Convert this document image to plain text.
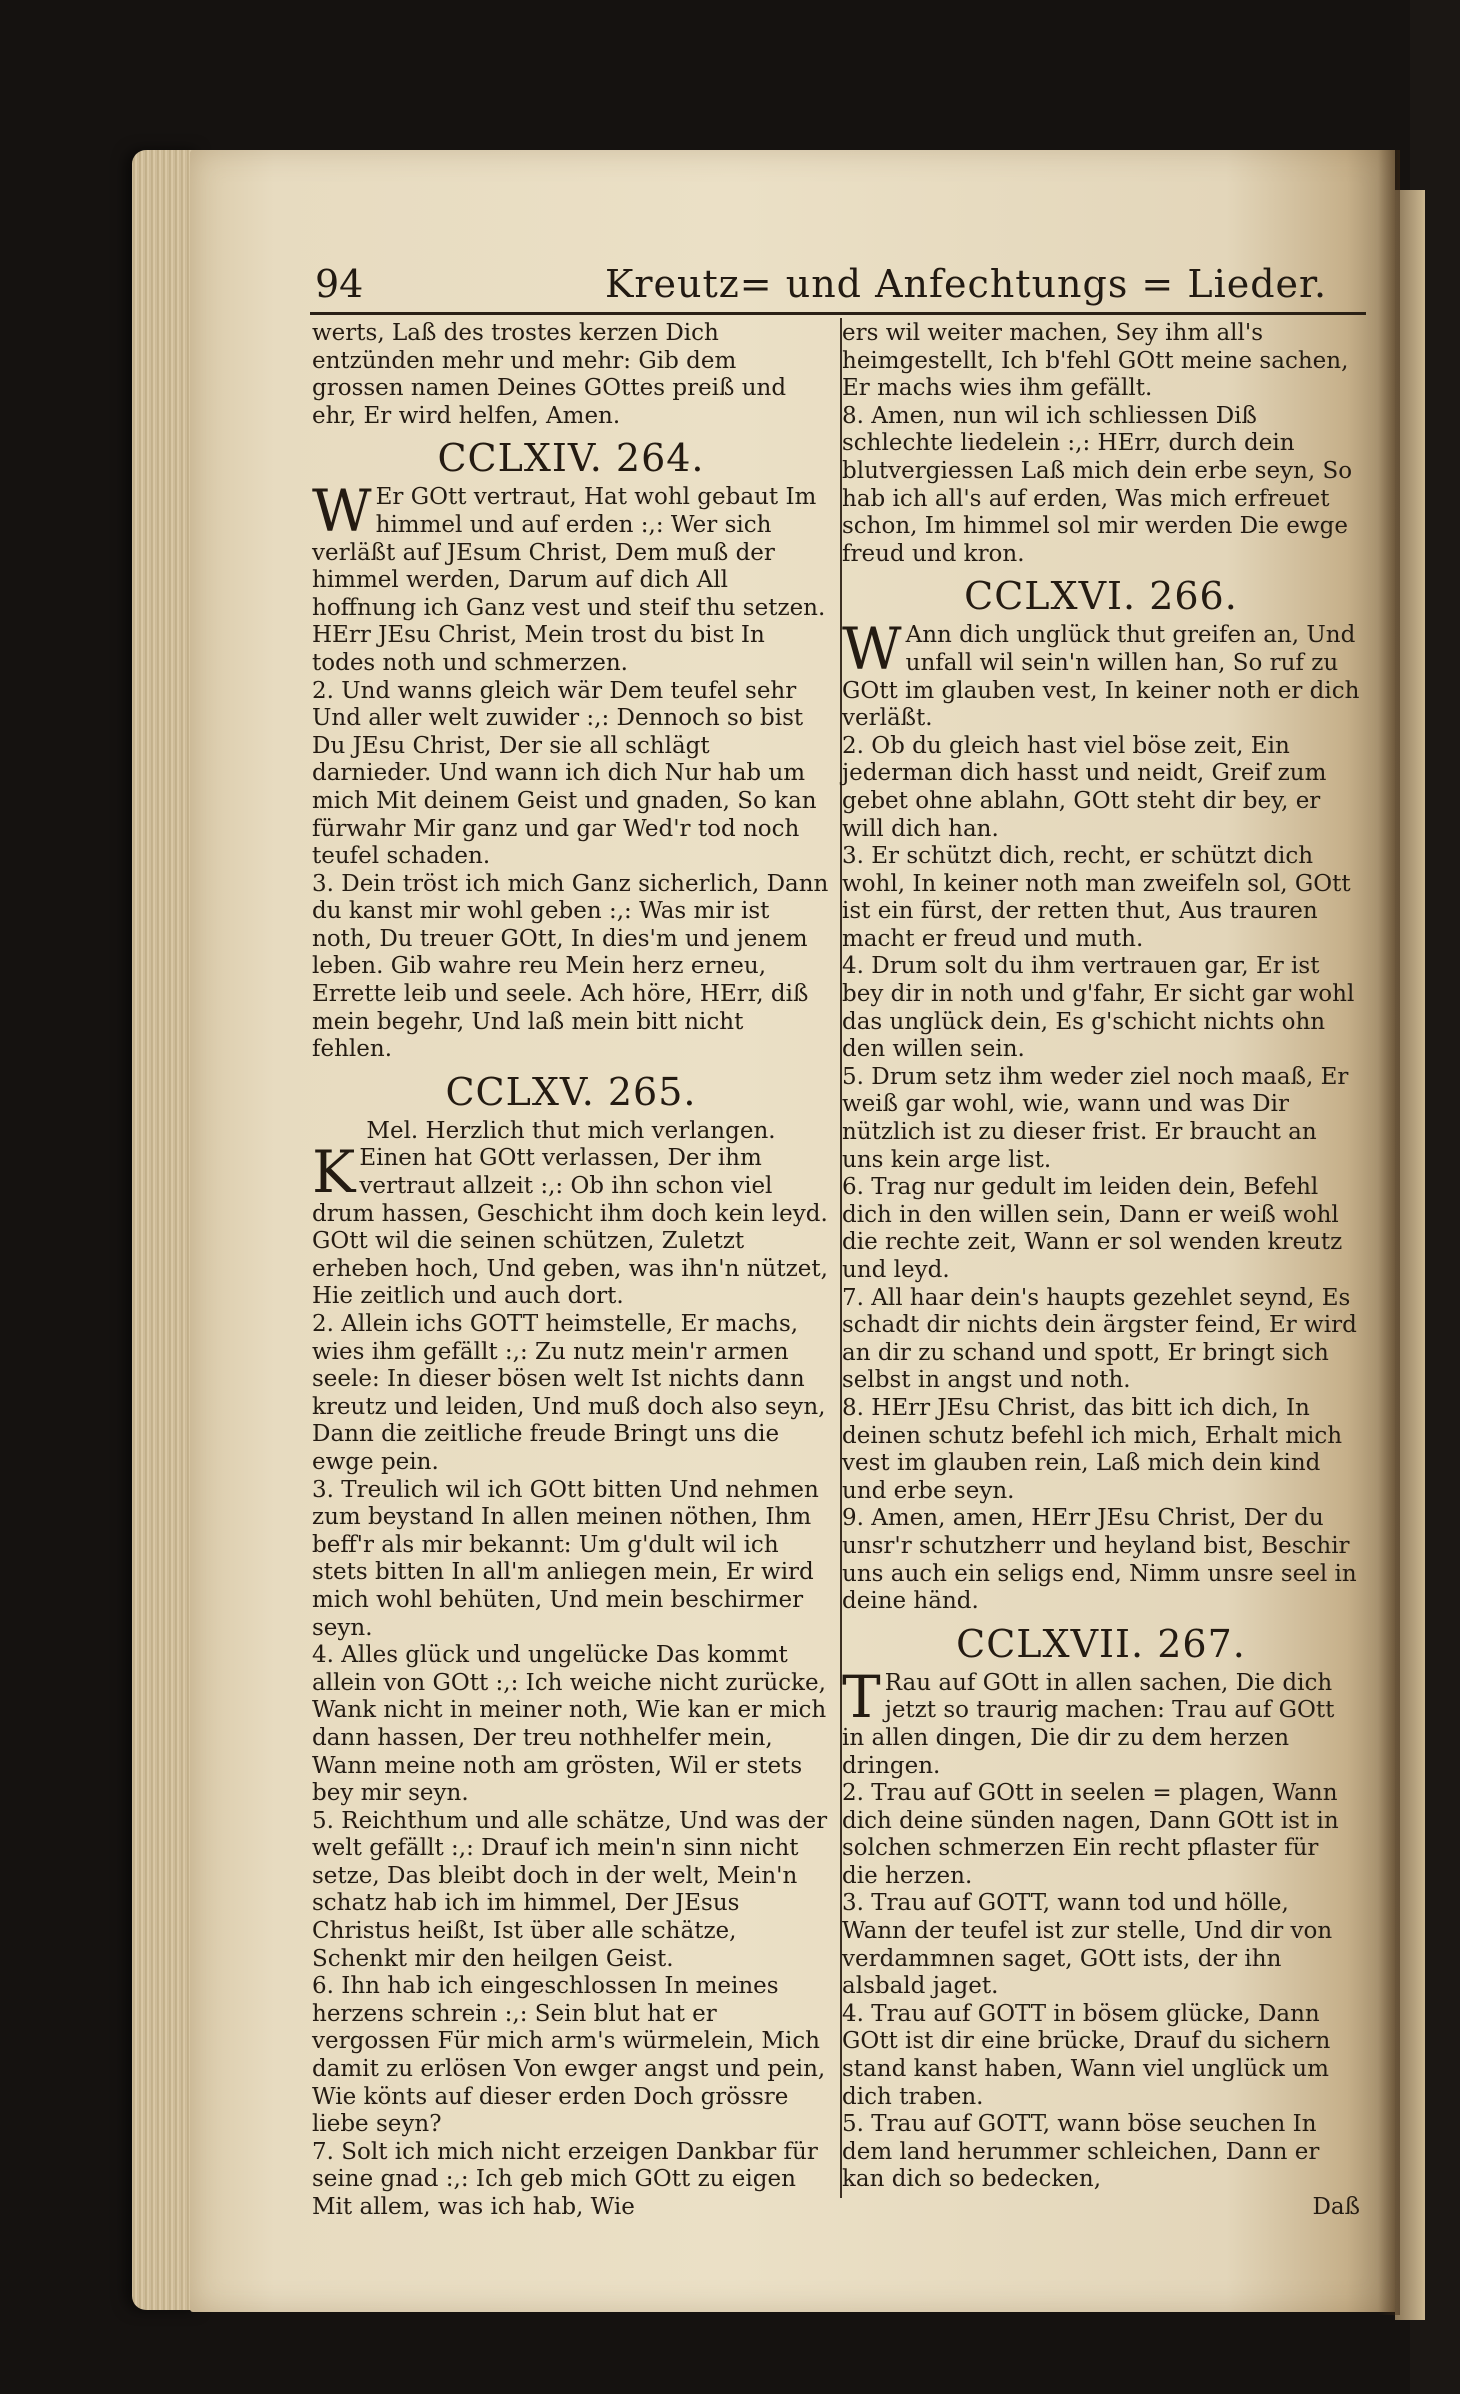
94	Kreutz= und Anfechtungs = Lieder.

werts, Laß des trostes kerzen Dich entzünden mehr und mehr: Gib dem grossen namen Deines GOttes preiß und ehr, Er wird helfen, Amen.

CCLXIV. 264.

W Er GOtt vertraut, Hat wohl gebaut Im himmel und auf erden :,: Wer sich verläßt auf JEsum Christ, Dem muß der himmel werden, Darum auf dich All hoffnung ich Ganz vest und steif thu setzen. HErr JEsu Christ, Mein trost du bist In todes noth und schmerzen.

2. Und wanns gleich wär Dem teufel sehr Und aller welt zuwider :,: Dennoch so bist Du JEsu Christ, Der sie all schlägt darnieder. Und wann ich dich Nur hab um mich Mit deinem Geist und gnaden, So kan fürwahr Mir ganz und gar Wed'r tod noch teufel schaden.

3. Dein tröst ich mich Ganz sicherlich, Dann du kanst mir wohl geben :,: Was mir ist noth, Du treuer GOtt, In dies'm und jenem leben. Gib wahre reu Mein herz erneu, Errette leib und seele. Ach höre, HErr, diß mein begehr, Und laß mein bitt nicht fehlen.

CCLXV. 265.

Mel. Herzlich thut mich verlangen.

K Einen hat GOtt verlassen, Der ihm vertraut allzeit :,: Ob ihn schon viel drum hassen, Geschicht ihm doch kein leyd. GOtt wil die seinen schützen, Zuletzt erheben hoch, Und geben, was ihn'n nützet, Hie zeitlich und auch dort.

2. Allein ichs GOTT heimstelle, Er machs, wies ihm gefällt :,: Zu nutz mein'r armen seele: In dieser bösen welt Ist nichts dann kreutz und leiden, Und muß doch also seyn, Dann die zeitliche freude Bringt uns die ewge pein.

3. Treulich wil ich GOtt bitten Und nehmen zum beystand In allen meinen nöthen, Ihm beff'r als mir bekannt: Um g'dult wil ich stets bitten In all'm anliegen mein, Er wird mich wohl behüten, Und mein beschirmer seyn.

4. Alles glück und ungelücke Das kommt allein von GOtt :,: Ich weiche nicht zurücke, Wank nicht in meiner noth, Wie kan er mich dann hassen, Der treu nothhelfer mein, Wann meine noth am grösten, Wil er stets bey mir seyn.

5. Reichthum und alle schätze, Und was der welt gefällt :,: Drauf ich mein'n sinn nicht setze, Das bleibt doch in der welt, Mein'n schatz hab ich im himmel, Der JEsus Christus heißt, Ist über alle schätze, Schenkt mir den heilgen Geist.

6. Ihn hab ich eingeschlossen In meines herzens schrein :,: Sein blut hat er vergossen Für mich arm's würmelein, Mich damit zu erlösen Von ewger angst und pein, Wie könts auf dieser erden Doch grössre liebe seyn?

7. Solt ich mich nicht erzeigen Dankbar für seine gnad :,: Ich geb mich GOtt zu eigen Mit allem, was ich hab, Wie

ers wil weiter machen, Sey ihm all's heimgestellt, Ich b'fehl GOtt meine sachen, Er machs wies ihm gefällt.

8. Amen, nun wil ich schliessen Diß schlechte liedelein :,: HErr, durch dein blutvergiessen Laß mich dein erbe seyn, So hab ich all's auf erden, Was mich erfreuet schon, Im himmel sol mir werden Die ewge freud und kron.

CCLXVI. 266.

W Ann dich unglück thut greifen an, Und unfall wil sein'n willen han, So ruf zu GOtt im glauben vest, In keiner noth er dich verläßt.

2. Ob du gleich hast viel böse zeit, Ein jederman dich hasst und neidt, Greif zum gebet ohne ablahn, GOtt steht dir bey, er will dich han.

3. Er schützt dich, recht, er schützt dich wohl, In keiner noth man zweifeln sol, GOtt ist ein fürst, der retten thut, Aus trauren macht er freud und muth.

4. Drum solt du ihm vertrauen gar, Er ist bey dir in noth und g'fahr, Er sicht gar wohl das unglück dein, Es g'schicht nichts ohn den willen sein.

5. Drum setz ihm weder ziel noch maaß, Er weiß gar wohl, wie, wann und was Dir nützlich ist zu dieser frist. Er braucht an uns kein arge list.

6. Trag nur gedult im leiden dein, Befehl dich in den willen sein, Dann er weiß wohl die rechte zeit, Wann er sol wenden kreutz und leyd.

7. All haar dein's haupts gezehlet seynd, Es schadt dir nichts dein ärgster feind, Er wird an dir zu schand und spott, Er bringt sich selbst in angst und noth.

8. HErr JEsu Christ, das bitt ich dich, In deinen schutz befehl ich mich, Erhalt mich vest im glauben rein, Laß mich dein kind und erbe seyn.

9. Amen, amen, HErr JEsu Christ, Der du unsr'r schutzherr und heyland bist, Beschir uns auch ein seligs end, Nimm unsre seel in deine händ.

CCLXVII. 267.

T Rau auf GOtt in allen sachen, Die dich jetzt so traurig machen: Trau auf GOtt in allen dingen, Die dir zu dem herzen dringen.

2. Trau auf GOtt in seelen = plagen, Wann dich deine sünden nagen, Dann GOtt ist in solchen schmerzen Ein recht pflaster für die herzen.

3. Trau auf GOTT, wann tod und hölle, Wann der teufel ist zur stelle, Und dir von verdammnen saget, GOtt ists, der ihn alsbald jaget.

4. Trau auf GOTT in bösem glücke, Dann GOtt ist dir eine brücke, Drauf du sichern stand kanst haben, Wann viel unglück um dich traben.

5. Trau auf GOTT, wann böse seuchen In dem land herummer schleichen, Dann er kan dich so bedecken,

Daß
